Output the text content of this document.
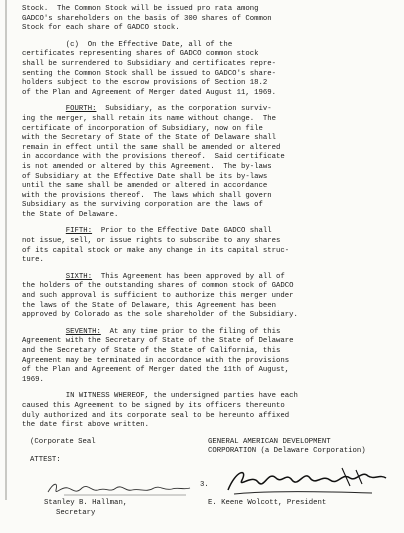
Stock.  The Common Stock will be issued pro rata among

GADCO's shareholders on the basis of 300 shares of Common

Stock for each share of GADCO stock.

(c)  On the Effective Date, all of the

certificates representing shares of GADCO common stock

shall be surrendered to Subsidiary and certificates repre-

senting the Common Stock shall be issued to GADCO's share-

holders subject to the escrow provisions of Section 18.2

of the Plan and Agreement of Merger dated August 11, 1969.

FOURTH:  Subsidiary, as the corporation surviv-

ing the merger, shall retain its name without change.  The

certificate of incorporation of Subsidiary, now on file

with the Secretary of State of the State of Delaware shall

remain in effect until the same shall be amended or altered

in accordance with the provisions thereof.  Said certificate

is not amended or altered by this Agreement.  The by-laws

of Subsidiary at the Effective Date shall be its by-laws

until the same shall be amended or altered in accordance

with the provisions thereof.  The laws which shall govern

Subsidiary as the surviving corporation are the laws of

the State of Delaware.

FIFTH:  Prior to the Effective Date GADCO shall

not issue, sell, or issue rights to subscribe to any shares

of its capital stock or make any change in its capital struc-

ture.

SIXTH:  This Agreement has been approved by all of

the holders of the outstanding shares of common stock of GADCO

and such approval is sufficient to authorize this merger under

the laws of the State of Delaware, this Agreement has been

approved by Colorado as the sole shareholder of the Subsidiary.

SEVENTH:  At any time prior to the filing of this

Agreement with the Secretary of State of the State of Delaware

and the Secretary of State of the State of California, this

Agreement may be terminated in accordance with the provisions

of the Plan and Agreement of Merger dated the 11th of August,

1969.

IN WITNESS WHEREOF, the undersigned parties have each

caused this Agreement to be signed by its officers thereunto

duly authorized and its corporate seal to be hereunto affixed

the date first above written.

(Corporate Seal	GENERAL AMERICAN DEVELOPMENT
CORPORATION (a Delaware Corporation)
ATTEST:
Stanley B. Hallman,
Secretary
E. Keene Wolcott, President
3.
